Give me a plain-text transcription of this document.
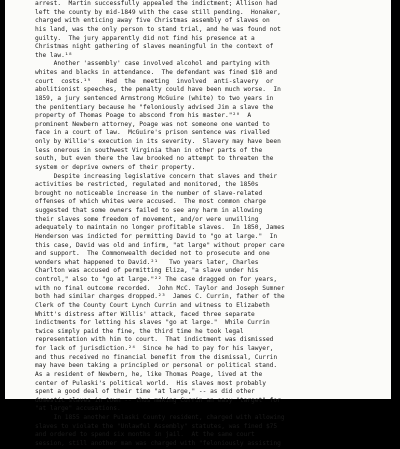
arrest.  Martin successfully appealed the indictment; Allison had
left the county by mid-1849 with the case still pending.  Honaker,
charged with enticing away five Christmas assembly of slaves on
his land, was the only person to stand trial, and he was found not
guilty.  The jury apparently did not find his presence at a
Christmas night gathering of slaves meaningful in the context of
the law.¹⁸
Another 'assembly' case involved alcohol and partying with
whites and blacks in attendance.  The defendant was fined $10 and
court  costs.¹⁹    Had  the  meeting  involved  anti-slavery  or
abolitionist speeches, the penalty could have been much worse.  In
1859, a jury sentenced Armstrong McGuire (white) to two years in
the penitentiary because he "feloniously advised Jim a slave the
property of Thomas Poage to abscond from his master."²⁰  A
prominent Newbern attorney, Poage was not someone one wanted to
face in a court of law.  McGuire's prison sentence was rivalled
only by Willie's execution in its severity.  Slavery may have been
less onerous in southwest Virginia than in other parts of the
south, but even there the law brooked no attempt to threaten the
system or deprive owners of their property.
Despite increasing legislative concern that slaves and their
activities be restricted, regulated and monitored, the 1850s
brought no noticeable increase in the number of slave-related
offenses of which whites were accused.  The most common charge
suggested that some owners failed to see any harm in allowing
their slaves some freedom of movement, and/or were unwilling
adequately to maintain no longer profitable slaves.  In 1850, James
Henderson was indicted for permitting David to "go at large."  In
this case, David was old and infirm, "at large" without proper care
and support.  The Commonwealth decided not to prosecute and one
wonders what happened to David.²¹   Two years later, Charles
Charlton was accused of permitting Eliza, "a slave under his
control," also to "go at large."²² The case dragged on for years,
with no final outcome recorded.  John McC. Taylor and Joseph Sumner
both had similar charges dropped.²³  James C. Currin, father of the
Clerk of the County Court Lynch Currin and witness to Elizabeth
Whitt's distress after Willis' attack, faced three separate
indictments for letting his slaves "go at large."  While Currin
twice simply paid the fine, the third time he took legal
representation with him to court.  That indictment was dismissed
for lack of jurisdiction.²⁴  Since he had to pay for his lawyer,
and thus received no financial benefit from the dismissal, Currin
may have been taking a principled or personal or political stand.
As a resident of Newbern, he, like Thomas Poage, lived at the
center of Pulaski's political world.  His slaves most probably
spent a good deal of their time "at large," -- as did other
domestic slaves in town -- thus making Currin an easy "target" for
"at large" accusations.
In 1855 another Pulaski County resident, charged with allowing
slaves to violate the "Unlawful Assembly" statutes, was fined $75
and ordered to spend six months in jail.  At the same court
session, still another man was charged with "feloniously assisting
